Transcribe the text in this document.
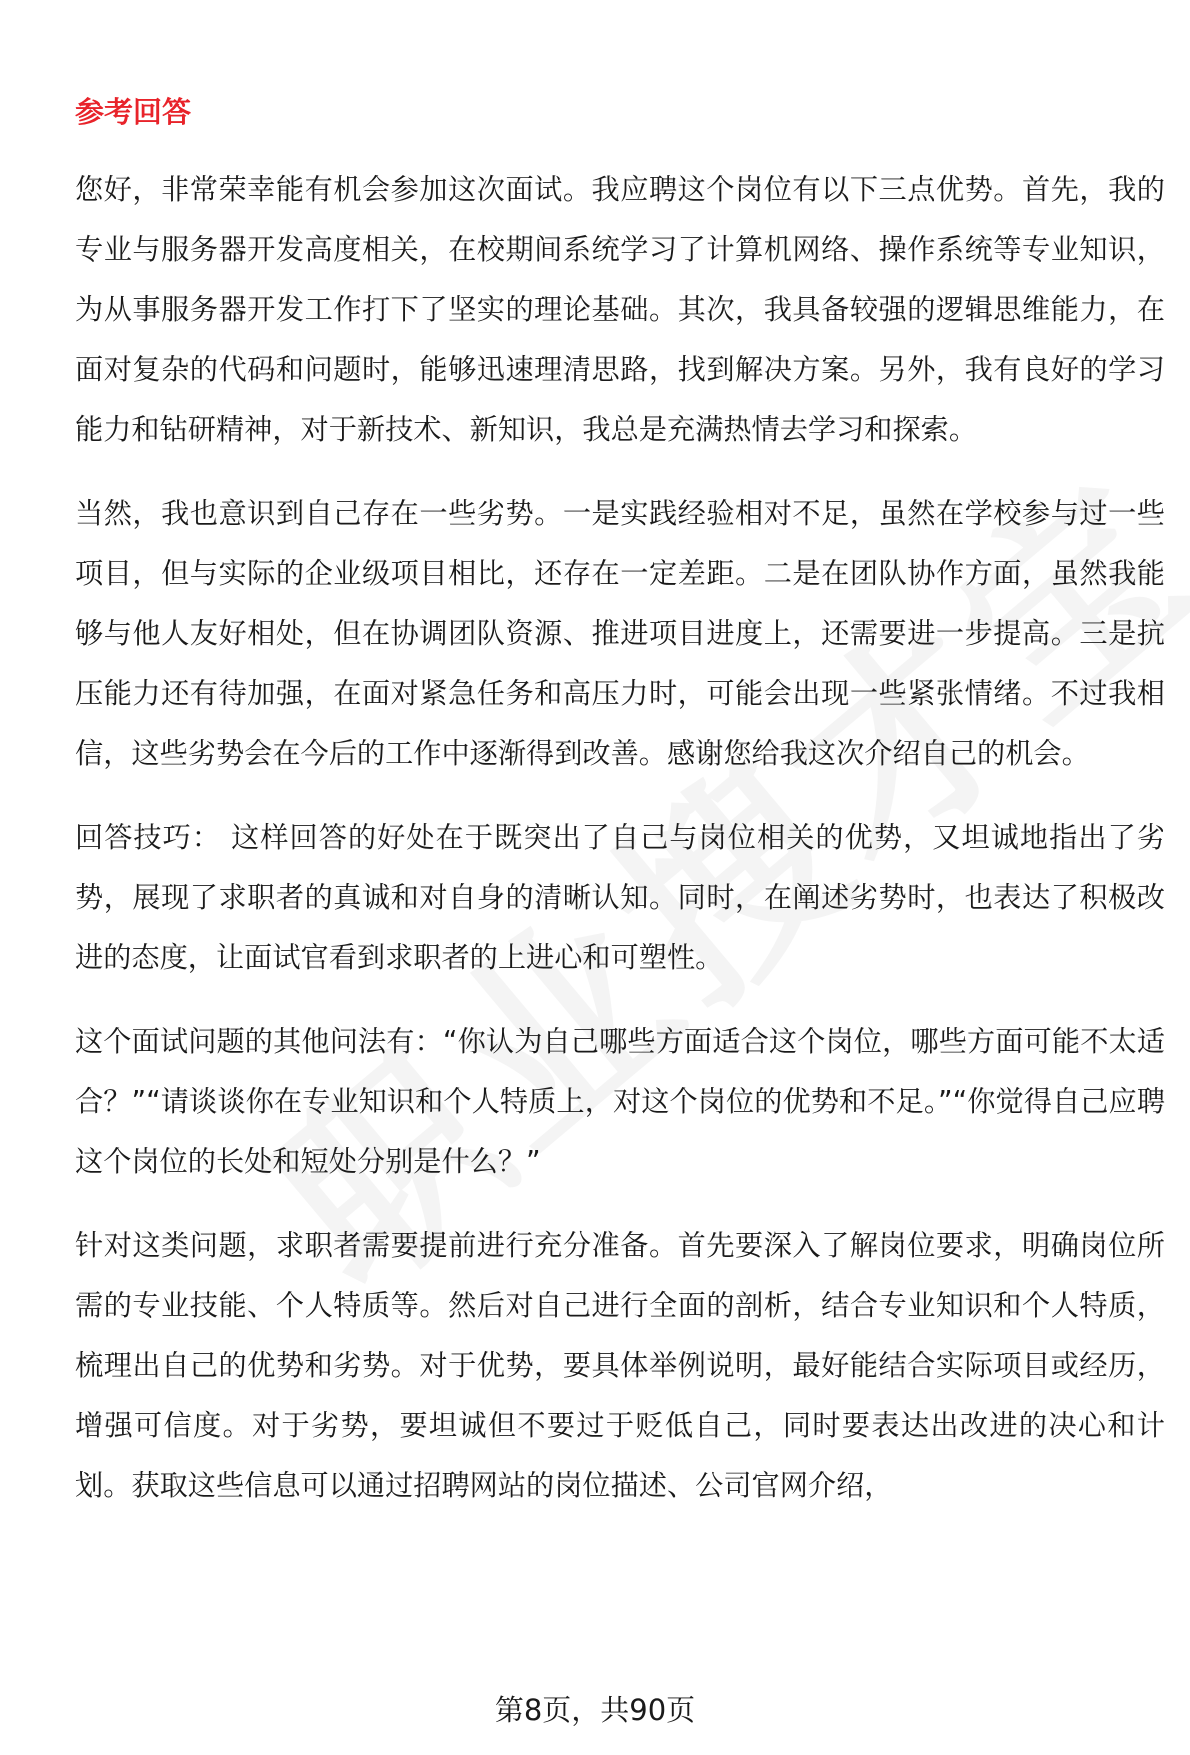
参考回答

您好，非常荣幸能有机会参加这次面试。我应聘这个岗位有以下三点优势。首先，我的专业与服务器开发高度相关，在校期间系统学习了计算机网络、操作系统等专业知识，为从事服务器开发工作打下了坚实的理论基础。其次，我具备较强的逻辑思维能力，在面对复杂的代码和问题时，能够迅速理清思路，找到解决方案。另外，我有良好的学习能力和钻研精神，对于新技术、新知识，我总是充满热情去学习和探索。

当然，我也意识到自己存在一些劣势。一是实践经验相对不足，虽然在学校参与过一些项目，但与实际的企业级项目相比，还存在一定差距。二是在团队协作方面，虽然我能够与他人友好相处，但在协调团队资源、推进项目进度上，还需要进一步提高。三是抗压能力还有待加强，在面对紧急任务和高压力时，可能会出现一些紧张情绪。不过我相信，这些劣势会在今后的工作中逐渐得到改善。感谢您给我这次介绍自己的机会。

回答技巧： 这样回答的好处在于既突出了自己与岗位相关的优势，又坦诚地指出了劣势，展现了求职者的真诚和对自身的清晰认知。同时，在阐述劣势时，也表达了积极改进的态度，让面试官看到求职者的上进心和可塑性。

这个面试问题的其他问法有：“你认为自己哪些方面适合这个岗位，哪些方面可能不太适合？”“请谈谈你在专业知识和个人特质上，对这个岗位的优势和不足。”“你觉得自己应聘这个岗位的长处和短处分别是什么？”

针对这类问题，求职者需要提前进行充分准备。首先要深入了解岗位要求，明确岗位所需的专业技能、个人特质等。然后对自己进行全面的剖析，结合专业知识和个人特质，梳理出自己的优势和劣势。对于优势，要具体举例说明，最好能结合实际项目或经历，增强可信度。对于劣势，要坦诚但不要过于贬低自己，同时要表达出改进的决心和计划。获取这些信息可以通过招聘网站的岗位描述、公司官网介绍，

第8页，共90页
